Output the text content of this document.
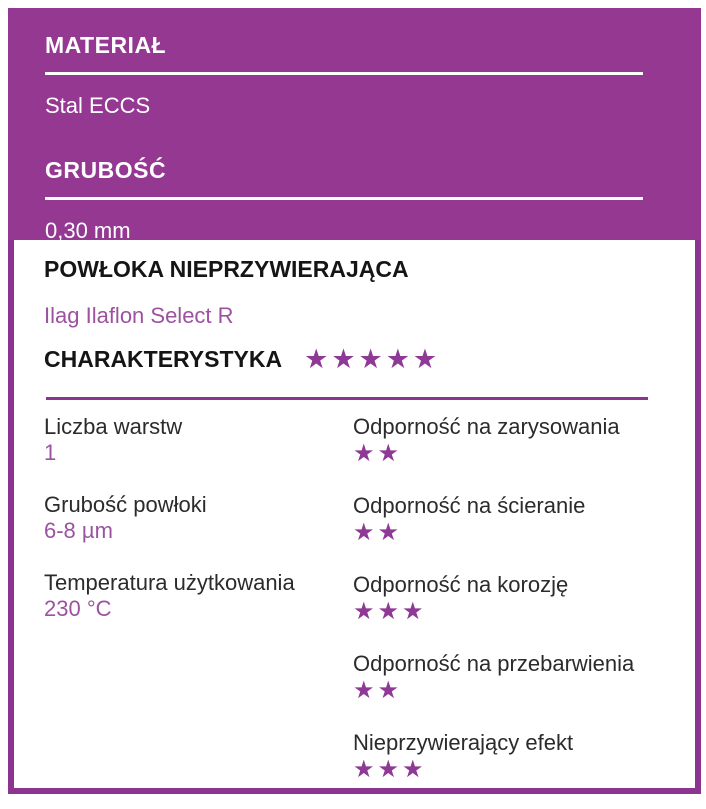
MATERIAŁ
Stal ECCS
GRUBOŚĆ
0,30 mm
POWŁOKA NIEPRZYWIERAJĄCA
Ilag Ilaflon Select R
CHARAKTERYSTYKA ★★★★★
Liczba warstw
1
Grubość powłoki
6-8 µm
Temperatura użytkowania
230 °C
Odporność na zarysowania
★★
Odporność na ścieranie
★★
Odporność na korozję
★★★
Odporność na przebarwienia
★★
Nieprzywierający efekt
★★★
